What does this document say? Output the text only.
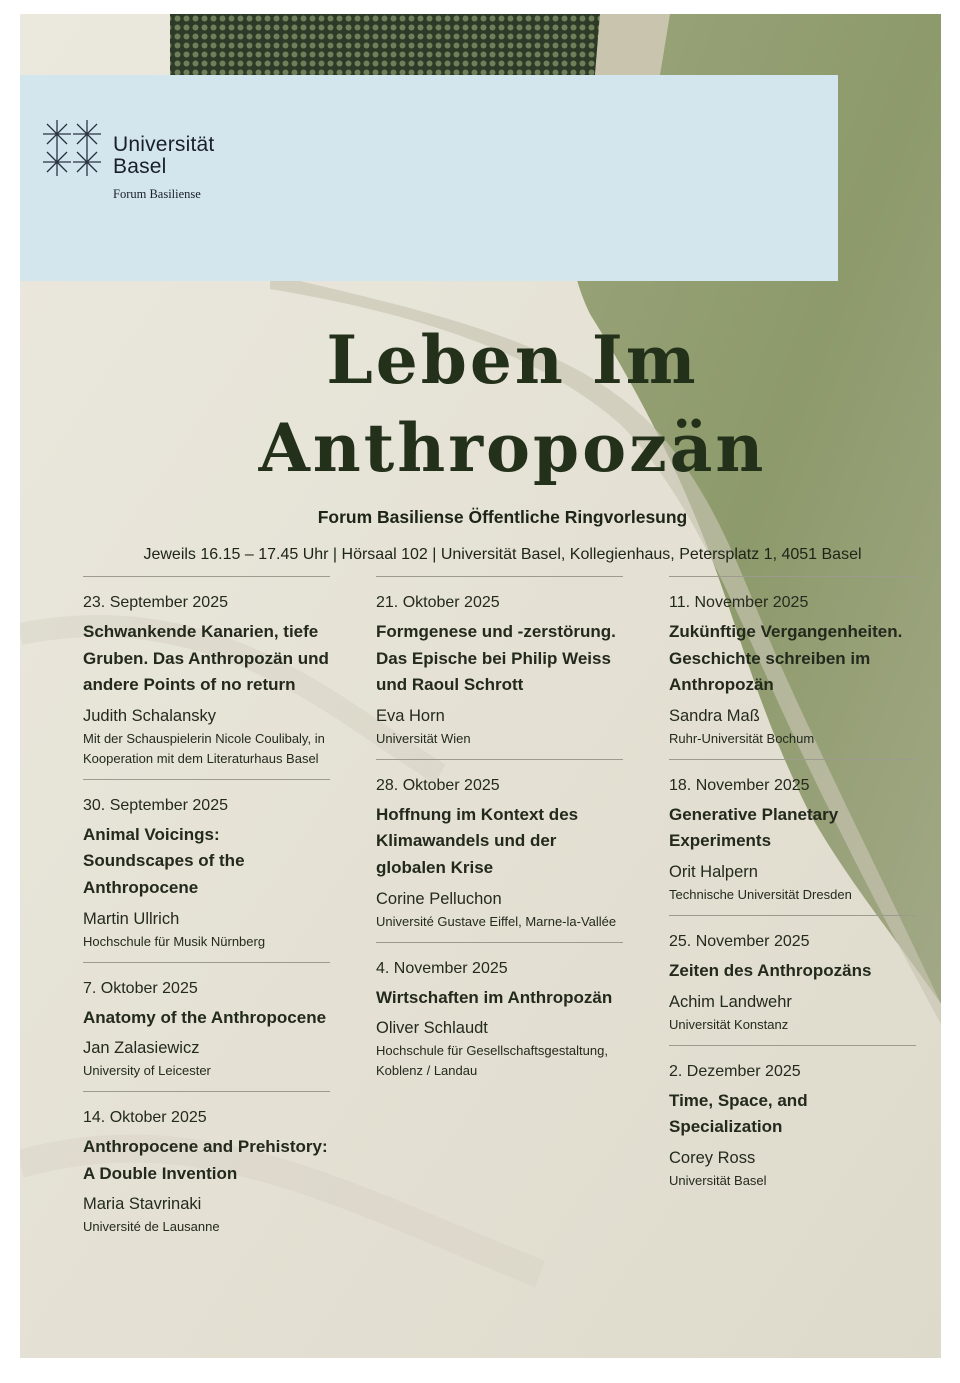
Universität
Basel
Forum Basiliense
Leben Im
Anthropozän
Forum Basiliense Öffentliche Ringvorlesung
Jeweils 16.15 – 17.45 Uhr | Hörsaal 102 | Universität Basel, Kollegienhaus, Petersplatz 1, 4051 Basel
23. September 2025
Schwankende Kanarien, tiefe Gruben. Das Anthropozän und andere Points of no return
Judith Schalansky
Mit der Schauspielerin Nicole Coulibaly, in Kooperation mit dem Literaturhaus Basel
30. September 2025
Animal Voicings: Soundscapes of the Anthropocene
Martin Ullrich
Hochschule für Musik Nürnberg
7. Oktober 2025
Anatomy of the Anthropocene
Jan Zalasiewicz
University of Leicester
14. Oktober 2025
Anthropocene and Prehistory: A Double Invention
Maria Stavrinaki
Université de Lausanne
21. Oktober 2025
Formgenese und -zerstörung. Das Epische bei Philip Weiss und Raoul Schrott
Eva Horn
Universität Wien
28. Oktober 2025
Hoffnung im Kontext des Klimawandels und der globalen Krise
Corine Pelluchon
Université Gustave Eiffel, Marne-la-Vallée
4. November 2025
Wirtschaften im Anthropozän
Oliver Schlaudt
Hochschule für Gesellschaftsgestaltung, Koblenz / Landau
11. November 2025
Zukünftige Vergangenheiten. Geschichte schreiben im Anthropozän
Sandra Maß
Ruhr-Universität Bochum
18. November 2025
Generative Planetary Experiments
Orit Halpern
Technische Universität Dresden
25. November 2025
Zeiten des Anthropozäns
Achim Landwehr
Universität Konstanz
2. Dezember 2025
Time, Space, and Specialization
Corey Ross
Universität Basel
